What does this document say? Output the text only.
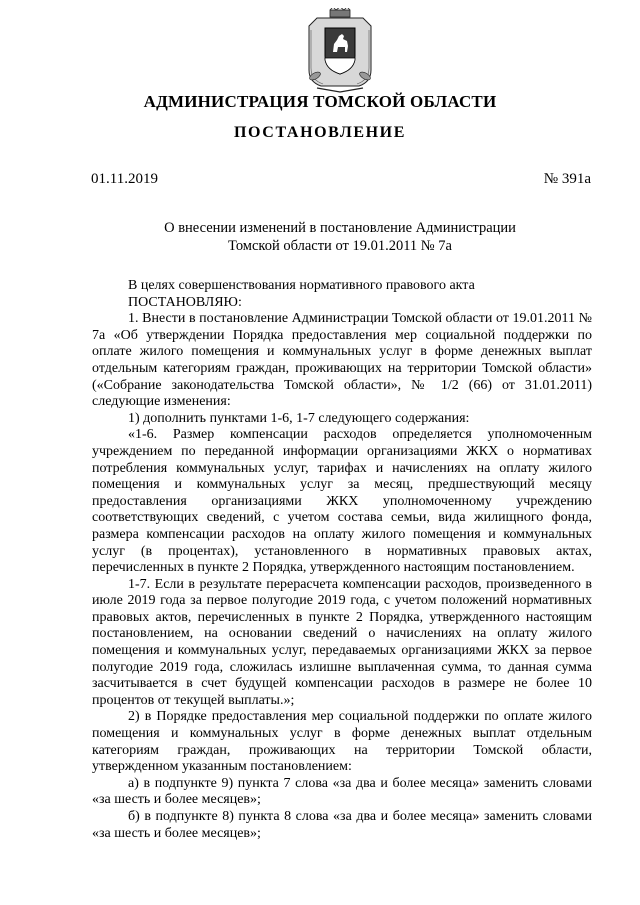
АДМИНИСТРАЦИЯ ТОМСКОЙ ОБЛАСТИ
ПОСТАНОВЛЕНИЕ
01.11.2019	№ 391а
О внесении изменений в постановление Администрации
Томской области от 19.01.2011 № 7а

В целях совершенствования нормативного правового акта

ПОСТАНОВЛЯЮ:

1. Внести в постановление Администрации Томской области от 19.01.2011 № 7а «Об утверждении Порядка предоставления мер социальной поддержки по оплате жилого помещения и коммунальных услуг в форме денежных выплат отдельным категориям граждан, проживающих на территории Томской области» («Собрание законодательства Томской области», № 1/2 (66) от 31.01.2011) следующие изменения:

1) дополнить пунктами 1-6, 1-7 следующего содержания:

«1-6. Размер компенсации расходов определяется уполномоченным учреждением по переданной информации организациями ЖКХ о нормативах потребления коммунальных услуг, тарифах и начислениях на оплату жилого помещения и коммунальных услуг за месяц, предшествующий месяцу предоставления организациями ЖКХ уполномоченному учреждению соответствующих сведений, с учетом состава семьи, вида жилищного фонда, размера компенсации расходов на оплату жилого помещения и коммунальных услуг (в процентах), установленного в нормативных правовых актах, перечисленных в пункте 2 Порядка, утвержденного настоящим постановлением.

1-7. Если в результате перерасчета компенсации расходов, произведенного в июле 2019 года за первое полугодие 2019 года, с учетом положений нормативных правовых актов, перечисленных в пункте 2 Порядка, утвержденного настоящим постановлением, на основании сведений о начислениях на оплату жилого помещения и коммунальных услуг, передаваемых организациями ЖКХ за первое полугодие 2019 года, сложилась излишне выплаченная сумма, то данная сумма засчитывается в счет будущей компенсации расходов в размере не более 10 процентов от текущей выплаты.»;

2) в Порядке предоставления мер социальной поддержки по оплате жилого помещения и коммунальных услуг в форме денежных выплат отдельным категориям граждан, проживающих на территории Томской области, утвержденном указанным постановлением:

а) в подпункте 9) пункта 7 слова «за два и более месяца» заменить словами «за шесть и более месяцев»;

б) в подпункте 8) пункта 8 слова «за два и более месяца» заменить словами «за шесть и более месяцев»;
